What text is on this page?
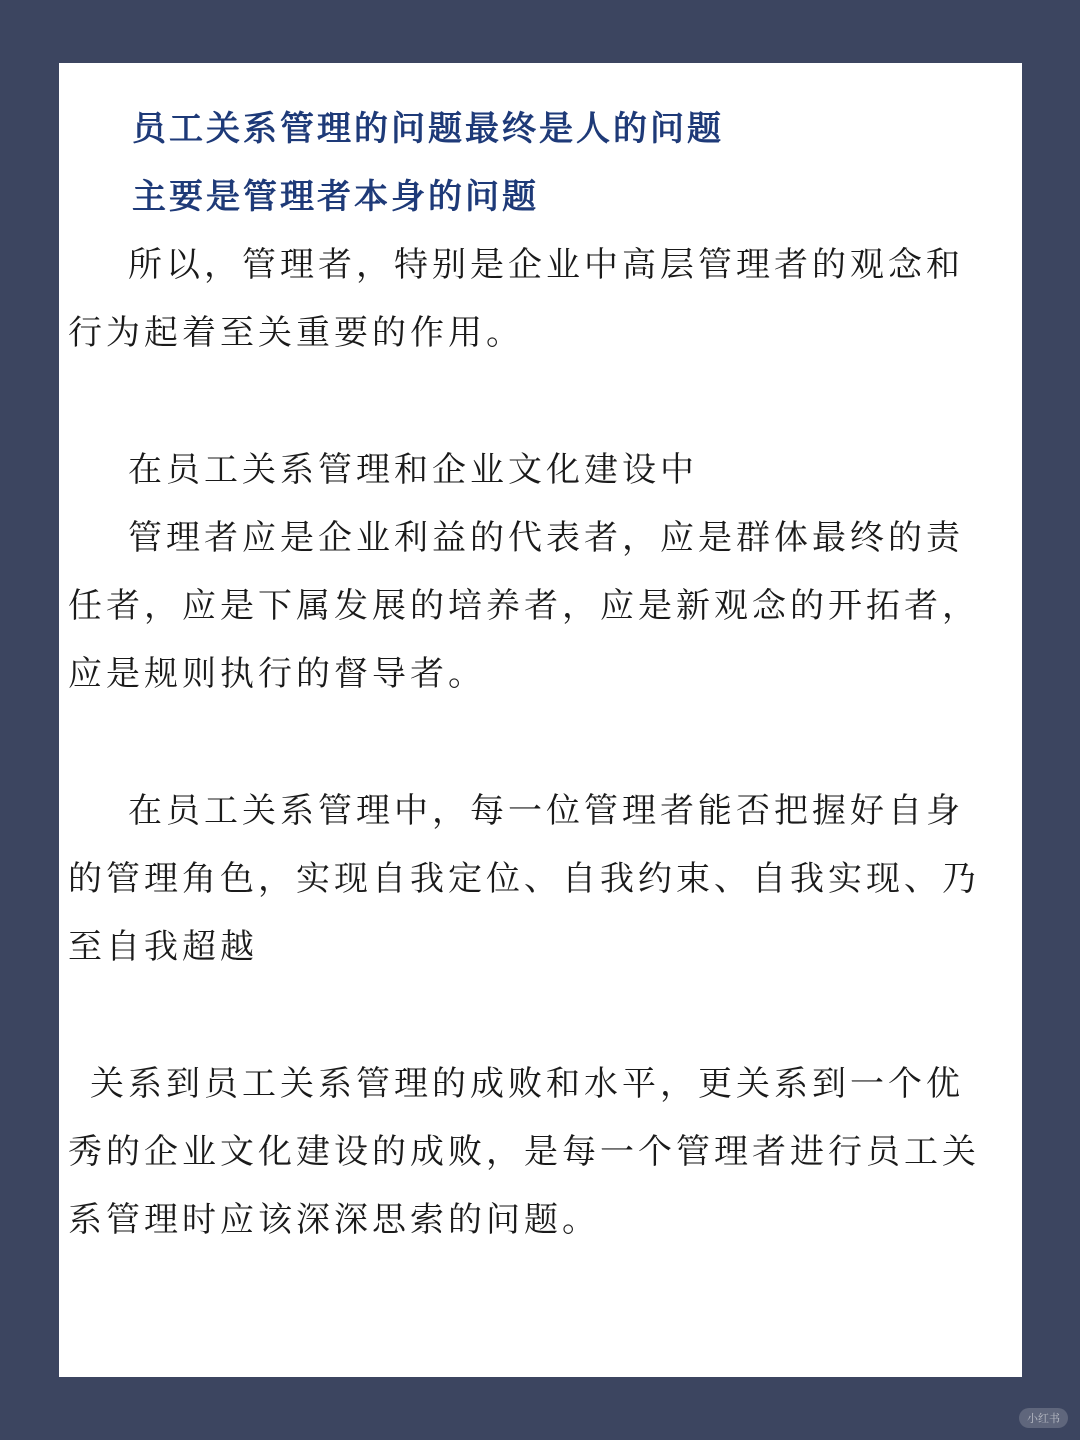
员工关系管理的问题最终是人的问题

主要是管理者本身的问题

所以，管理者，特别是企业中高层管理者的观念和行为起着至关重要的作用。

在员工关系管理和企业文化建设中

管理者应是企业利益的代表者，应是群体最终的责任者，应是下属发展的培养者，应是新观念的开拓者，应是规则执行的督导者。

在员工关系管理中，每一位管理者能否把握好自身的管理角色，实现自我定位、自我约束、自我实现、乃至自我超越

关系到员工关系管理的成败和水平，更关系到一个优秀的企业文化建设的成败，是每一个管理者进行员工关系管理时应该深深思索的问题。

小红书
